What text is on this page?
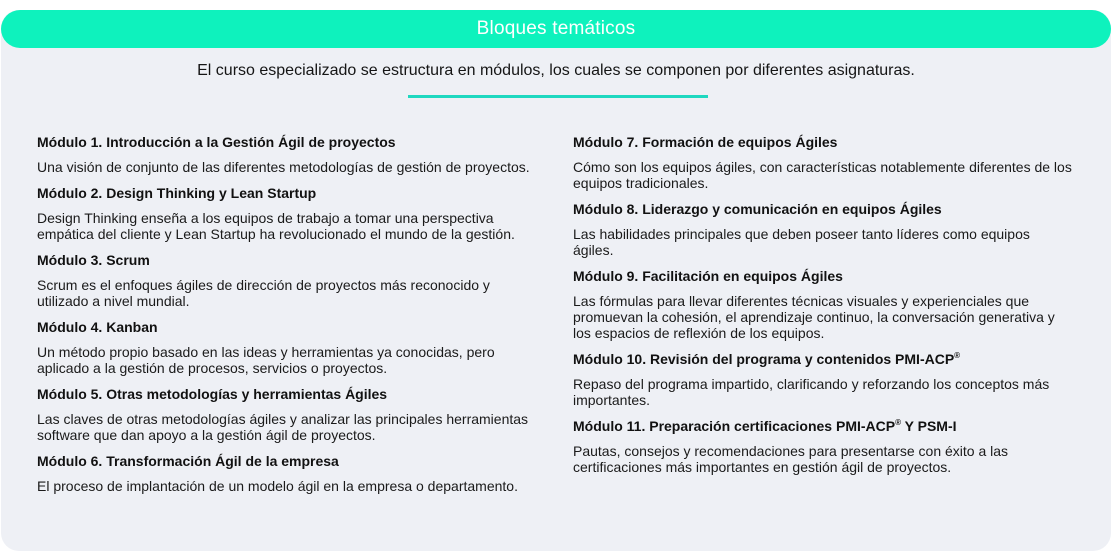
Bloques temáticos
El curso especializado se estructura en módulos, los cuales se componen por diferentes asignaturas.

Módulo 1. Introducción a la Gestión Ágil de proyectos

Una visión de conjunto de las diferentes metodologías de gestión de proyectos.

Módulo 2. Design Thinking y Lean Startup

Design Thinking enseña a los equipos de trabajo a tomar una perspectiva empática del cliente y Lean Startup ha revolucionado el mundo de la gestión.

Módulo 3. Scrum

Scrum es el enfoques ágiles de dirección de proyectos más reconocido y utilizado a nivel mundial.

Módulo 4. Kanban

Un método propio basado en las ideas y herramientas ya conocidas, pero aplicado a la gestión de procesos, servicios o proyectos.

Módulo 5. Otras metodologías y herramientas Ágiles

Las claves de otras metodologías ágiles y analizar las principales herramientas software que dan apoyo a la gestión ágil de proyectos.

Módulo 6. Transformación Ágil de la empresa

El proceso de implantación de un modelo ágil en la empresa o departamento.

Módulo 7. Formación de equipos Ágiles

Cómo son los equipos ágiles, con características notablemente diferentes de los equipos tradicionales.

Módulo 8. Liderazgo y comunicación en equipos Ágiles

Las habilidades principales que deben poseer tanto líderes como equipos ágiles.

Módulo 9. Facilitación en equipos Ágiles

Las fórmulas para llevar diferentes técnicas visuales y experienciales que promuevan la cohesión, el aprendizaje continuo, la conversación generativa y los espacios de reflexión de los equipos.

Módulo 10. Revisión del programa y contenidos PMI-ACP®

Repaso del programa impartido, clarificando y reforzando los conceptos más importantes.

Módulo 11. Preparación certificaciones PMI-ACP® Y PSM-I

Pautas, consejos y recomendaciones para presentarse con éxito a las certificaciones más importantes en gestión ágil de proyectos.
